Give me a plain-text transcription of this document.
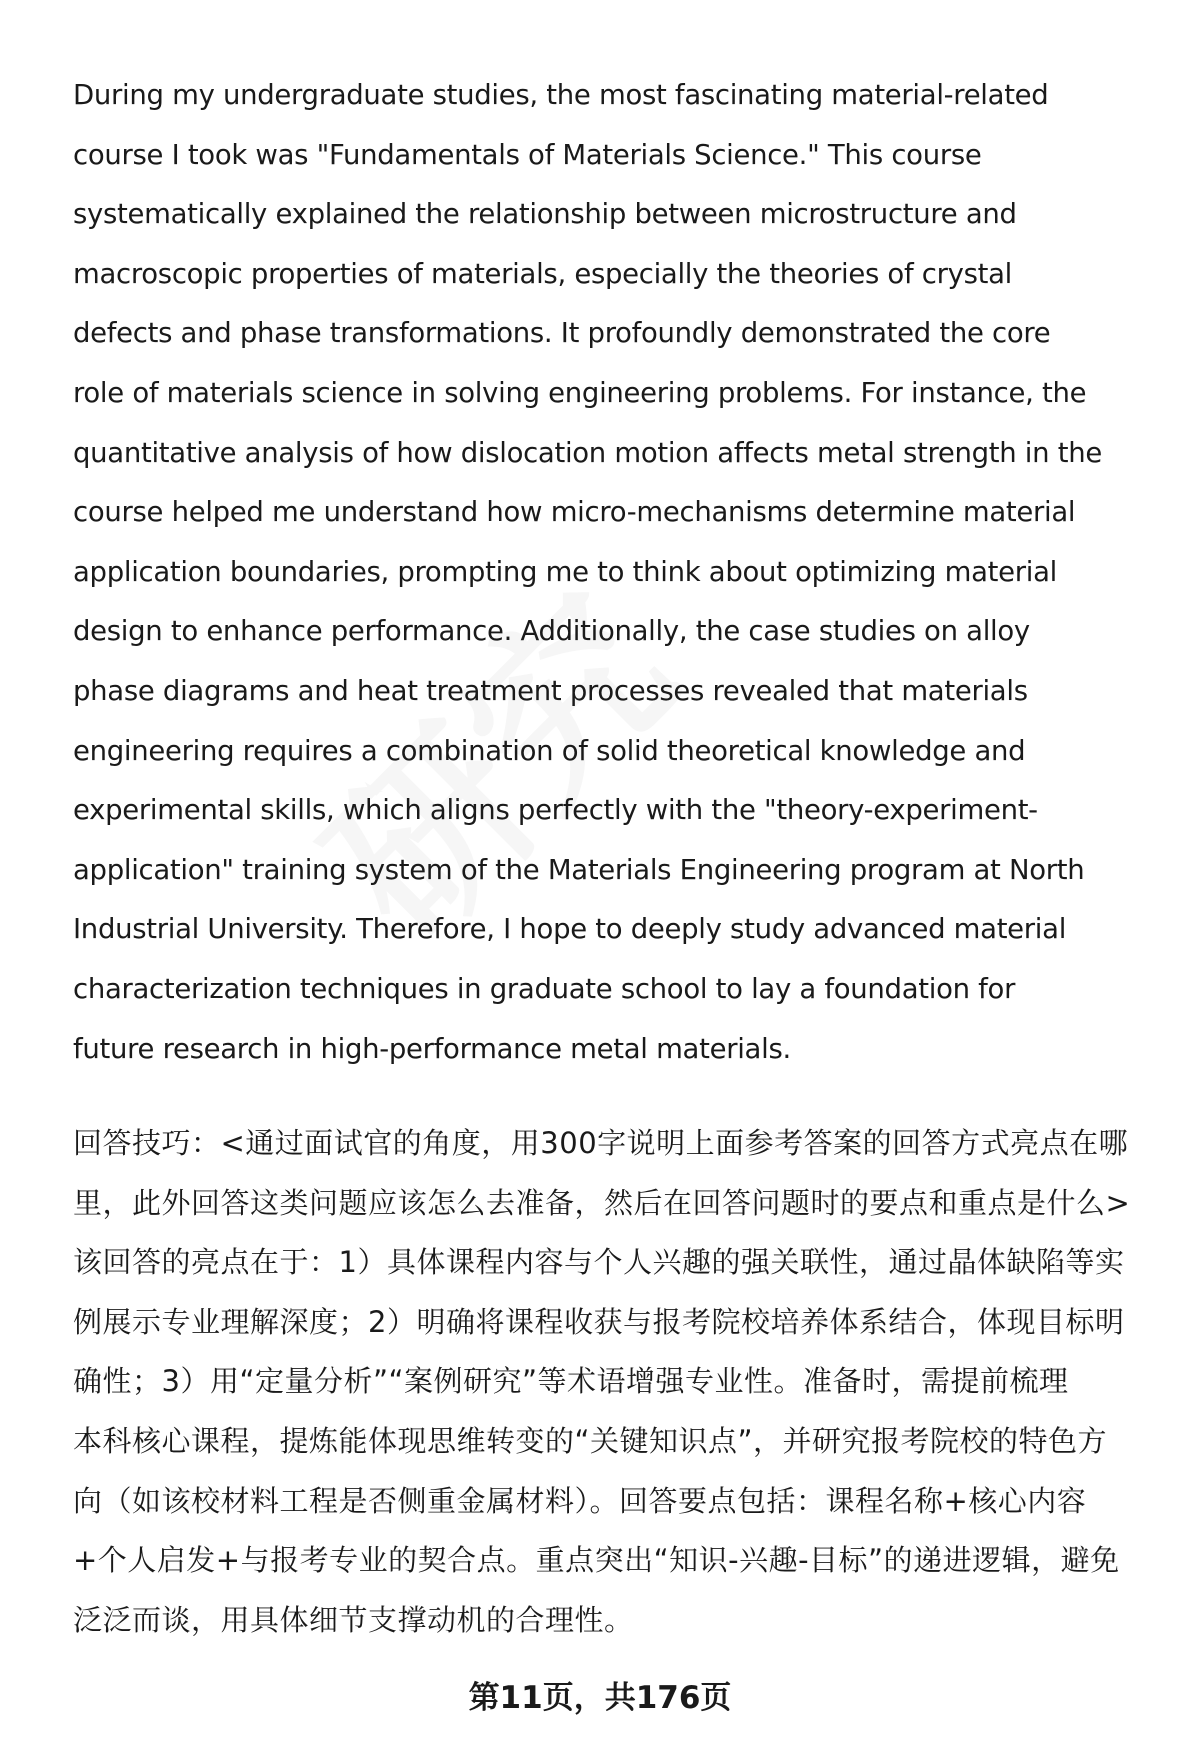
During my undergraduate studies, the most fascinating material-related
course I took was "Fundamentals of Materials Science." This course
systematically explained the relationship between microstructure and
macroscopic properties of materials, especially the theories of crystal
defects and phase transformations. It profoundly demonstrated the core
role of materials science in solving engineering problems. For instance, the
quantitative analysis of how dislocation motion affects metal strength in the
course helped me understand how micro-mechanisms determine material
application boundaries, prompting me to think about optimizing material
design to enhance performance. Additionally, the case studies on alloy
phase diagrams and heat treatment processes revealed that materials
engineering requires a combination of solid theoretical knowledge and
experimental skills, which aligns perfectly with the "theory-experiment-
application" training system of the Materials Engineering program at North
Industrial University. Therefore, I hope to deeply study advanced material
characterization techniques in graduate school to lay a foundation for
future research in high-performance metal materials.
回答技巧：<通过面试官的角度，用300字说明上面参考答案的回答方式亮点在哪
里，此外回答这类问题应该怎么去准备，然后在回答问题时的要点和重点是什么>
该回答的亮点在于：1）具体课程内容与个人兴趣的强关联性，通过晶体缺陷等实
例展示专业理解深度；2）明确将课程收获与报考院校培养体系结合，体现目标明
确性；3）用“定量分析”“案例研究”等术语增强专业性。准备时，需提前梳理
本科核心课程，提炼能体现思维转变的“关键知识点”，并研究报考院校的特色方
向（如该校材料工程是否侧重金属材料）。回答要点包括：课程名称+核心内容
+个人启发+与报考专业的契合点。重点突出“知识-兴趣-目标”的递进逻辑，避免
泛泛而谈，用具体细节支撑动机的合理性。
第11页，共176页
